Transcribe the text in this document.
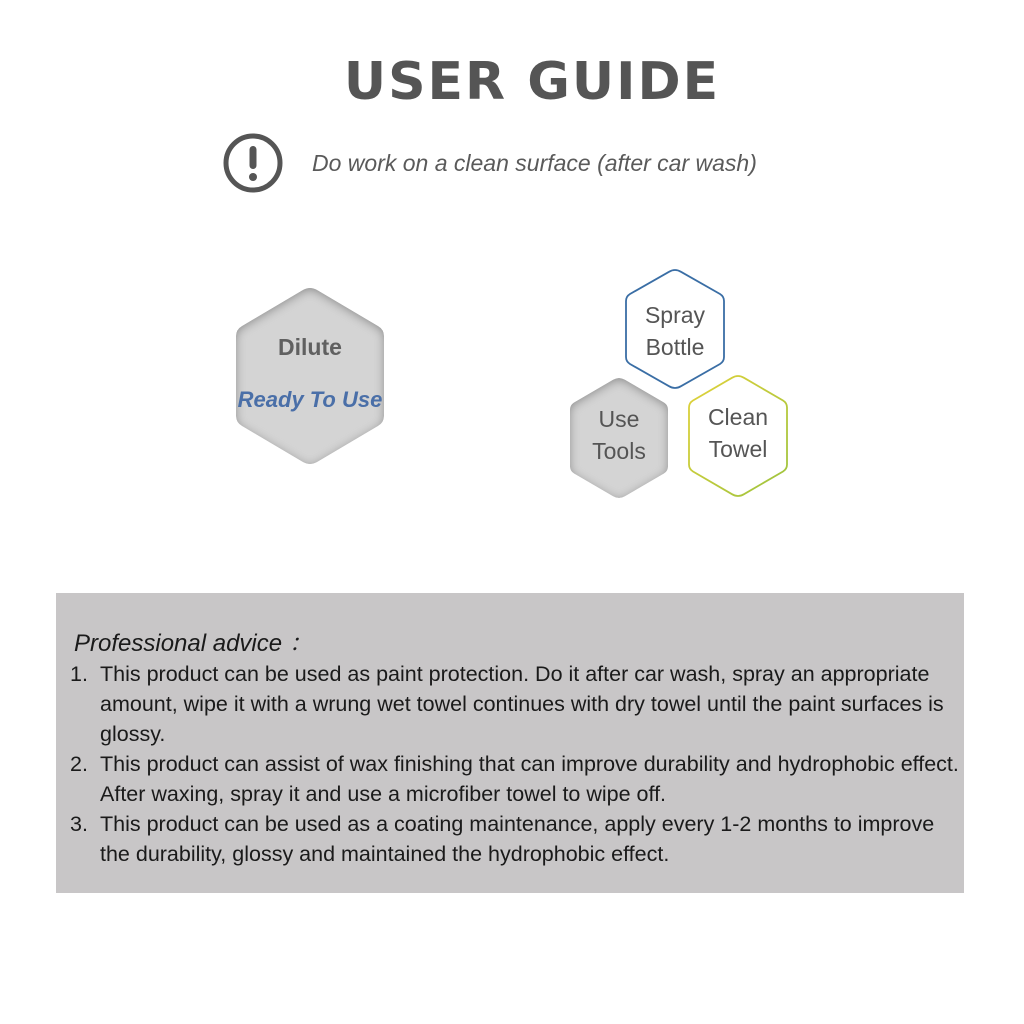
USER GUIDE
Do work on a clean surface (after car wash)
Dilute
Ready To Use
Spray
Bottle
Use
Tools
Clean
Towel
Professional advice ：
1. This product can be used as paint protection. Do it after car wash, spray an appropriate amount, wipe it with a wrung wet towel continues with dry towel until the paint surfaces is glossy.
2. This product can assist of wax finishing that can improve durability and hydrophobic effect. After waxing, spray it and use a microfiber towel to wipe off.
3. This product can be used as a coating maintenance, apply every 1-2 months to improve the durability, glossy and maintained the hydrophobic effect.
